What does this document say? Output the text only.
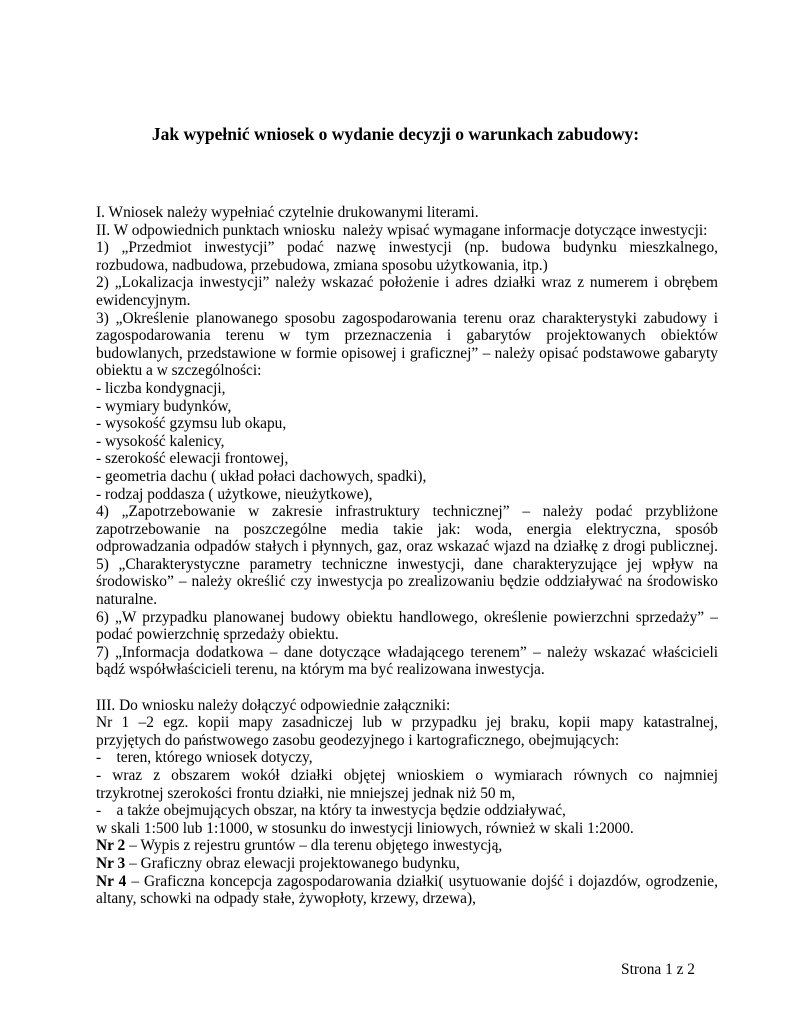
Jak wypełnić wniosek o wydanie decyzji o warunkach zabudowy:
I. Wniosek należy wypełniać czytelnie drukowanymi literami.
II. W odpowiednich punktach wniosku  należy wpisać wymagane informacje dotyczące inwestycji:
1) „Przedmiot inwestycji” podać nazwę inwestycji (np. budowa budynku mieszkalnego,
rozbudowa, nadbudowa, przebudowa, zmiana sposobu użytkowania, itp.)
2) „Lokalizacja inwestycji” należy wskazać położenie i adres działki wraz z numerem i obrębem
ewidencyjnym.
3) „Określenie planowanego sposobu zagospodarowania terenu oraz charakterystyki zabudowy i
zagospodarowania terenu w tym przeznaczenia i gabarytów projektowanych obiektów
budowlanych, przedstawione w formie opisowej i graficznej” – należy opisać podstawowe gabaryty
obiektu a w szczególności:
- liczba kondygnacji,
- wymiary budynków,
- wysokość gzymsu lub okapu,
- wysokość kalenicy,
- szerokość elewacji frontowej,
- geometria dachu ( układ połaci dachowych, spadki),
- rodzaj poddasza ( użytkowe, nieużytkowe),
4) „Zapotrzebowanie w zakresie infrastruktury technicznej” – należy podać przybliżone
zapotrzebowanie na poszczególne media takie jak: woda, energia elektryczna, sposób
odprowadzania odpadów stałych i płynnych, gaz, oraz wskazać wjazd na działkę z drogi publicznej.
5) „Charakterystyczne parametry techniczne inwestycji, dane charakteryzujące jej wpływ na
środowisko” – należy określić czy inwestycja po zrealizowaniu będzie oddziaływać na środowisko
naturalne.
6) „W przypadku planowanej budowy obiektu handlowego, określenie powierzchni sprzedaży” –
podać powierzchnię sprzedaży obiektu.
7) „Informacja dodatkowa – dane dotyczące władającego terenem” – należy wskazać właścicieli
bądź współwłaścicieli terenu, na którym ma być realizowana inwestycja.
III. Do wniosku należy dołączyć odpowiednie załączniki:
Nr 1 –2 egz. kopii mapy zasadniczej lub w przypadku jej braku, kopii mapy katastralnej,
przyjętych do państwowego zasobu geodezyjnego i kartograficznego, obejmujących:
-    teren, którego wniosek dotyczy,
- wraz z obszarem wokół działki objętej wnioskiem o wymiarach równych co najmniej
trzykrotnej szerokości frontu działki, nie mniejszej jednak niż 50 m,
-    a także obejmujących obszar, na który ta inwestycja będzie oddziaływać,
w skali 1:500 lub 1:1000, w stosunku do inwestycji liniowych, również w skali 1:2000.
Nr 2 – Wypis z rejestru gruntów – dla terenu objętego inwestycją,
Nr 3 – Graficzny obraz elewacji projektowanego budynku,
Nr 4 – Graficzna koncepcja zagospodarowania działki( usytuowanie dojść i dojazdów, ogrodzenie,
altany, schowki na odpady stałe, żywopłoty, krzewy, drzewa),
Strona 1 z 2
